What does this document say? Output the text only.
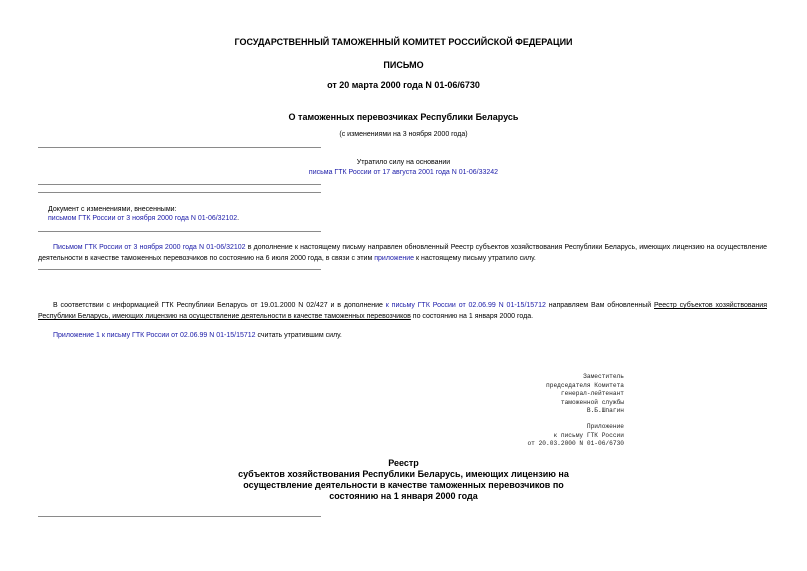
ГОСУДАРСТВЕННЫЙ ТАМОЖЕННЫЙ КОМИТЕТ РОССИЙСКОЙ ФЕДЕРАЦИИ
ПИСЬМО
от 20 марта 2000 года N 01-06/6730
О таможенных перевозчиках Республики Беларусь
(с изменениями на 3 ноября 2000 года)
Утратило силу на основании
письма ГТК России от 17 августа 2001 года N 01-06/33242
Документ с изменениями, внесенными:
письмом ГТК России от 3 ноября 2000 года N 01-06/32102.

Письмом ГТК России от 3 ноября 2000 года N 01-06/32102 в дополнение к настоящему письму направлен обновленный Реестр субъектов хозяйствования Республики Беларусь, имеющих лицензию на осуществление деятельности в качестве таможенных перевозчиков по состоянию на 6 июля 2000 года, в связи с этим приложение к настоящему письму утратило силу.

В соответствии с информацией ГТК Республики Беларусь от 19.01.2000 N 02/427 и в дополнение к письму ГТК России от 02.06.99 N 01-15/15712 направляем Вам обновленный Реестр субъектов хозяйствования Республики Беларусь, имеющих лицензию на осуществление деятельности в качестве таможенных перевозчиков по состоянию на 1 января 2000 года.

Приложение 1 к письму ГТК России от 02.06.99 N 01-15/15712 считать утратившим силу.

Заместитель
председателя Комитета
генерал-лейтенант
таможенной службы
В.Б.Шпагин
Приложение
к письму ГТК России
от 20.03.2000 N 01-06/6730
Реестр
субъектов хозяйствования Республики Беларусь, имеющих лицензию на
осуществление деятельности в качестве таможенных перевозчиков по
состоянию на 1 января 2000 года
